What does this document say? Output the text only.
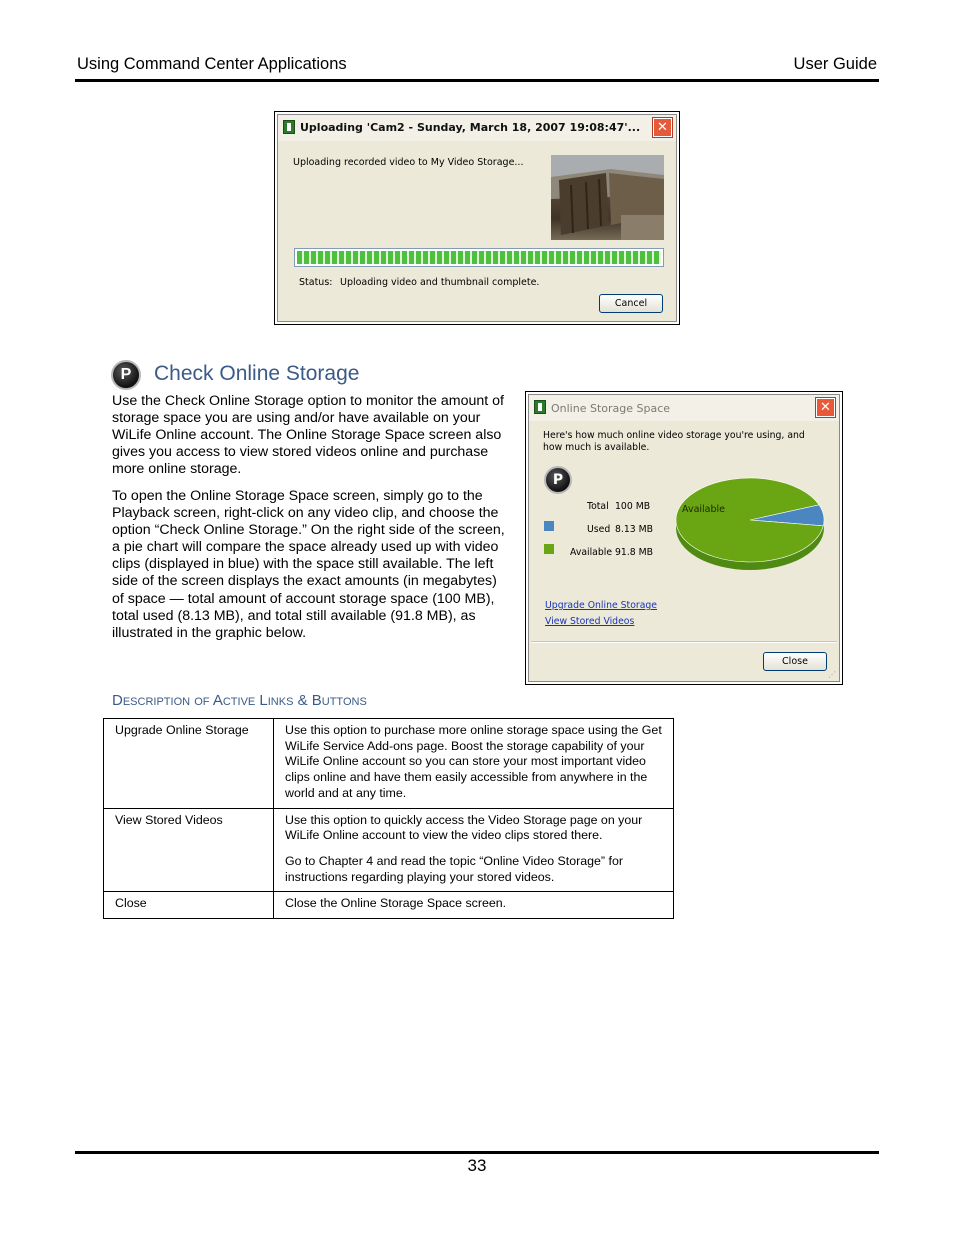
Using Command Center Applications	User Guide
Uploading 'Cam2 - Sunday, March 18, 2007 19:08:47'...	✕
Uploading recorded video to My Video Storage...
Status: Uploading video and thumbnail complete.
Cancel
P	Check Online Storage

Use the Check Online Storage option to monitor the amount of storage space you are using and/or have available on your WiLife Online account. The Online Storage Space screen also gives you access to view stored videos online and purchase more online storage.

To open the Online Storage Space screen, simply go to the Playback screen, right-click on any video clip, and choose the option “Check Online Storage.” On the right side of the screen, a pie chart will compare the space already used up with video clips (displayed in blue) with the space still available. The left side of the screen displays the exact amounts (in megabytes) of space — total amount of account storage space (100 MB), total used (8.13 MB), and total still available (91.8 MB), as illustrated in the graphic below.

Online Storage Space	✕
Here's how much online video storage you're using, and how much is available.
P
Total 100 MB
Used 8.13 MB
Available 91.8 MB
Available
Upgrade Online Storage
View Stored Videos
Close
⋰
Description of Active Links & Buttons
Upgrade Online Storage	Use this option to purchase more online storage space using the Get WiLife Service Add-ons page. Boost the storage capability of your WiLife Online account so you can store your most important video clips online and have them easily accessible from anywhere in the world and at any time.

View Stored Videos	Use this option to quickly access the Video Storage page on your WiLife Online account to view the video clips stored there.

Go to Chapter 4 and read the topic “Online Video Storage” for instructions regarding playing your stored videos.

Close	Close the Online Storage Space screen.

33
